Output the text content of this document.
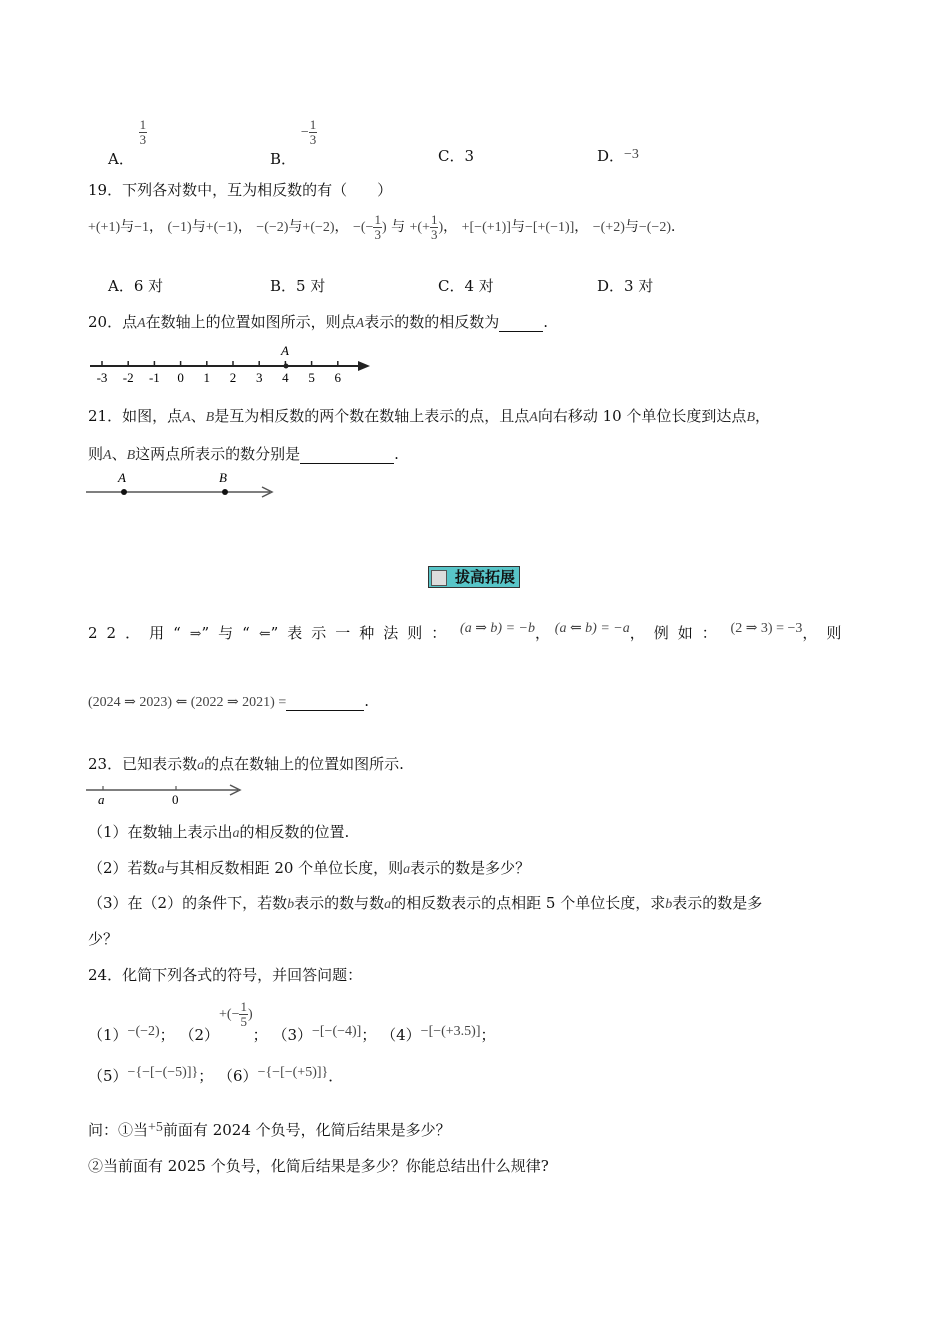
A．
$\frac{1}{3}$
B． − $\frac{1}{3}$
C．3	D．−3
19．下列各对数中，互为相反数的有（　　）
+(+1)与−1， (−1)与+(−1)， −(−2)与+(−2)， −(− $\frac{1}{3}$ ) 与 +(+ $\frac{1}{3}$ )， +[−(+1)]与−[+(−1)]， −(+2)与−(−2)．
A．6 对	B．5 对	C．4 对	D．3 对
20．点A在数轴上的位置如图所示，则点A表示的数的相反数为	.
-3 -2 -1 0 1 2 3 4 5 6
A
21．如图，点A、B是互为相反数的两个数在数轴上表示的点，且点A向右移动 10 个单位长度到达点B，
则A、B这两点所表示的数分别是	.
A	B
拔高拓展
22．用“⇒”与“⇐”表示一种法则： (a ⇒ b) = −b， (a ⇐ b) = −a，例如： (2 ⇒ 3) = −3，则
(2024 ⇒ 2023) ⇐ (2022 ⇒ 2021) =	.
23．已知表示数a的点在数轴上的位置如图所示.
a	0
（1）在数轴上表示出a的相反数的位置.
（2）若数a与其相反数相距 20 个单位长度，则a表示的数是多少？
（3）在（2）的条件下，若数b表示的数与数a的相反数表示的点相距 5 个单位长度，求b表示的数是多
少？
24．化简下列各式的符号，并回答问题：
（1）−(−2)； $(2)+(- \frac{1}{5}$ )； （3）−[−(−4)]； （4）−[−(+3.5)]；
（5）−{−[−(−5)]}； （6）−{−[−(+5)]}．
问：①当+5前面有 2024 个负号，化简后结果是多少？
②当前面有 2025 个负号，化简后结果是多少？你能总结出什么规律?
